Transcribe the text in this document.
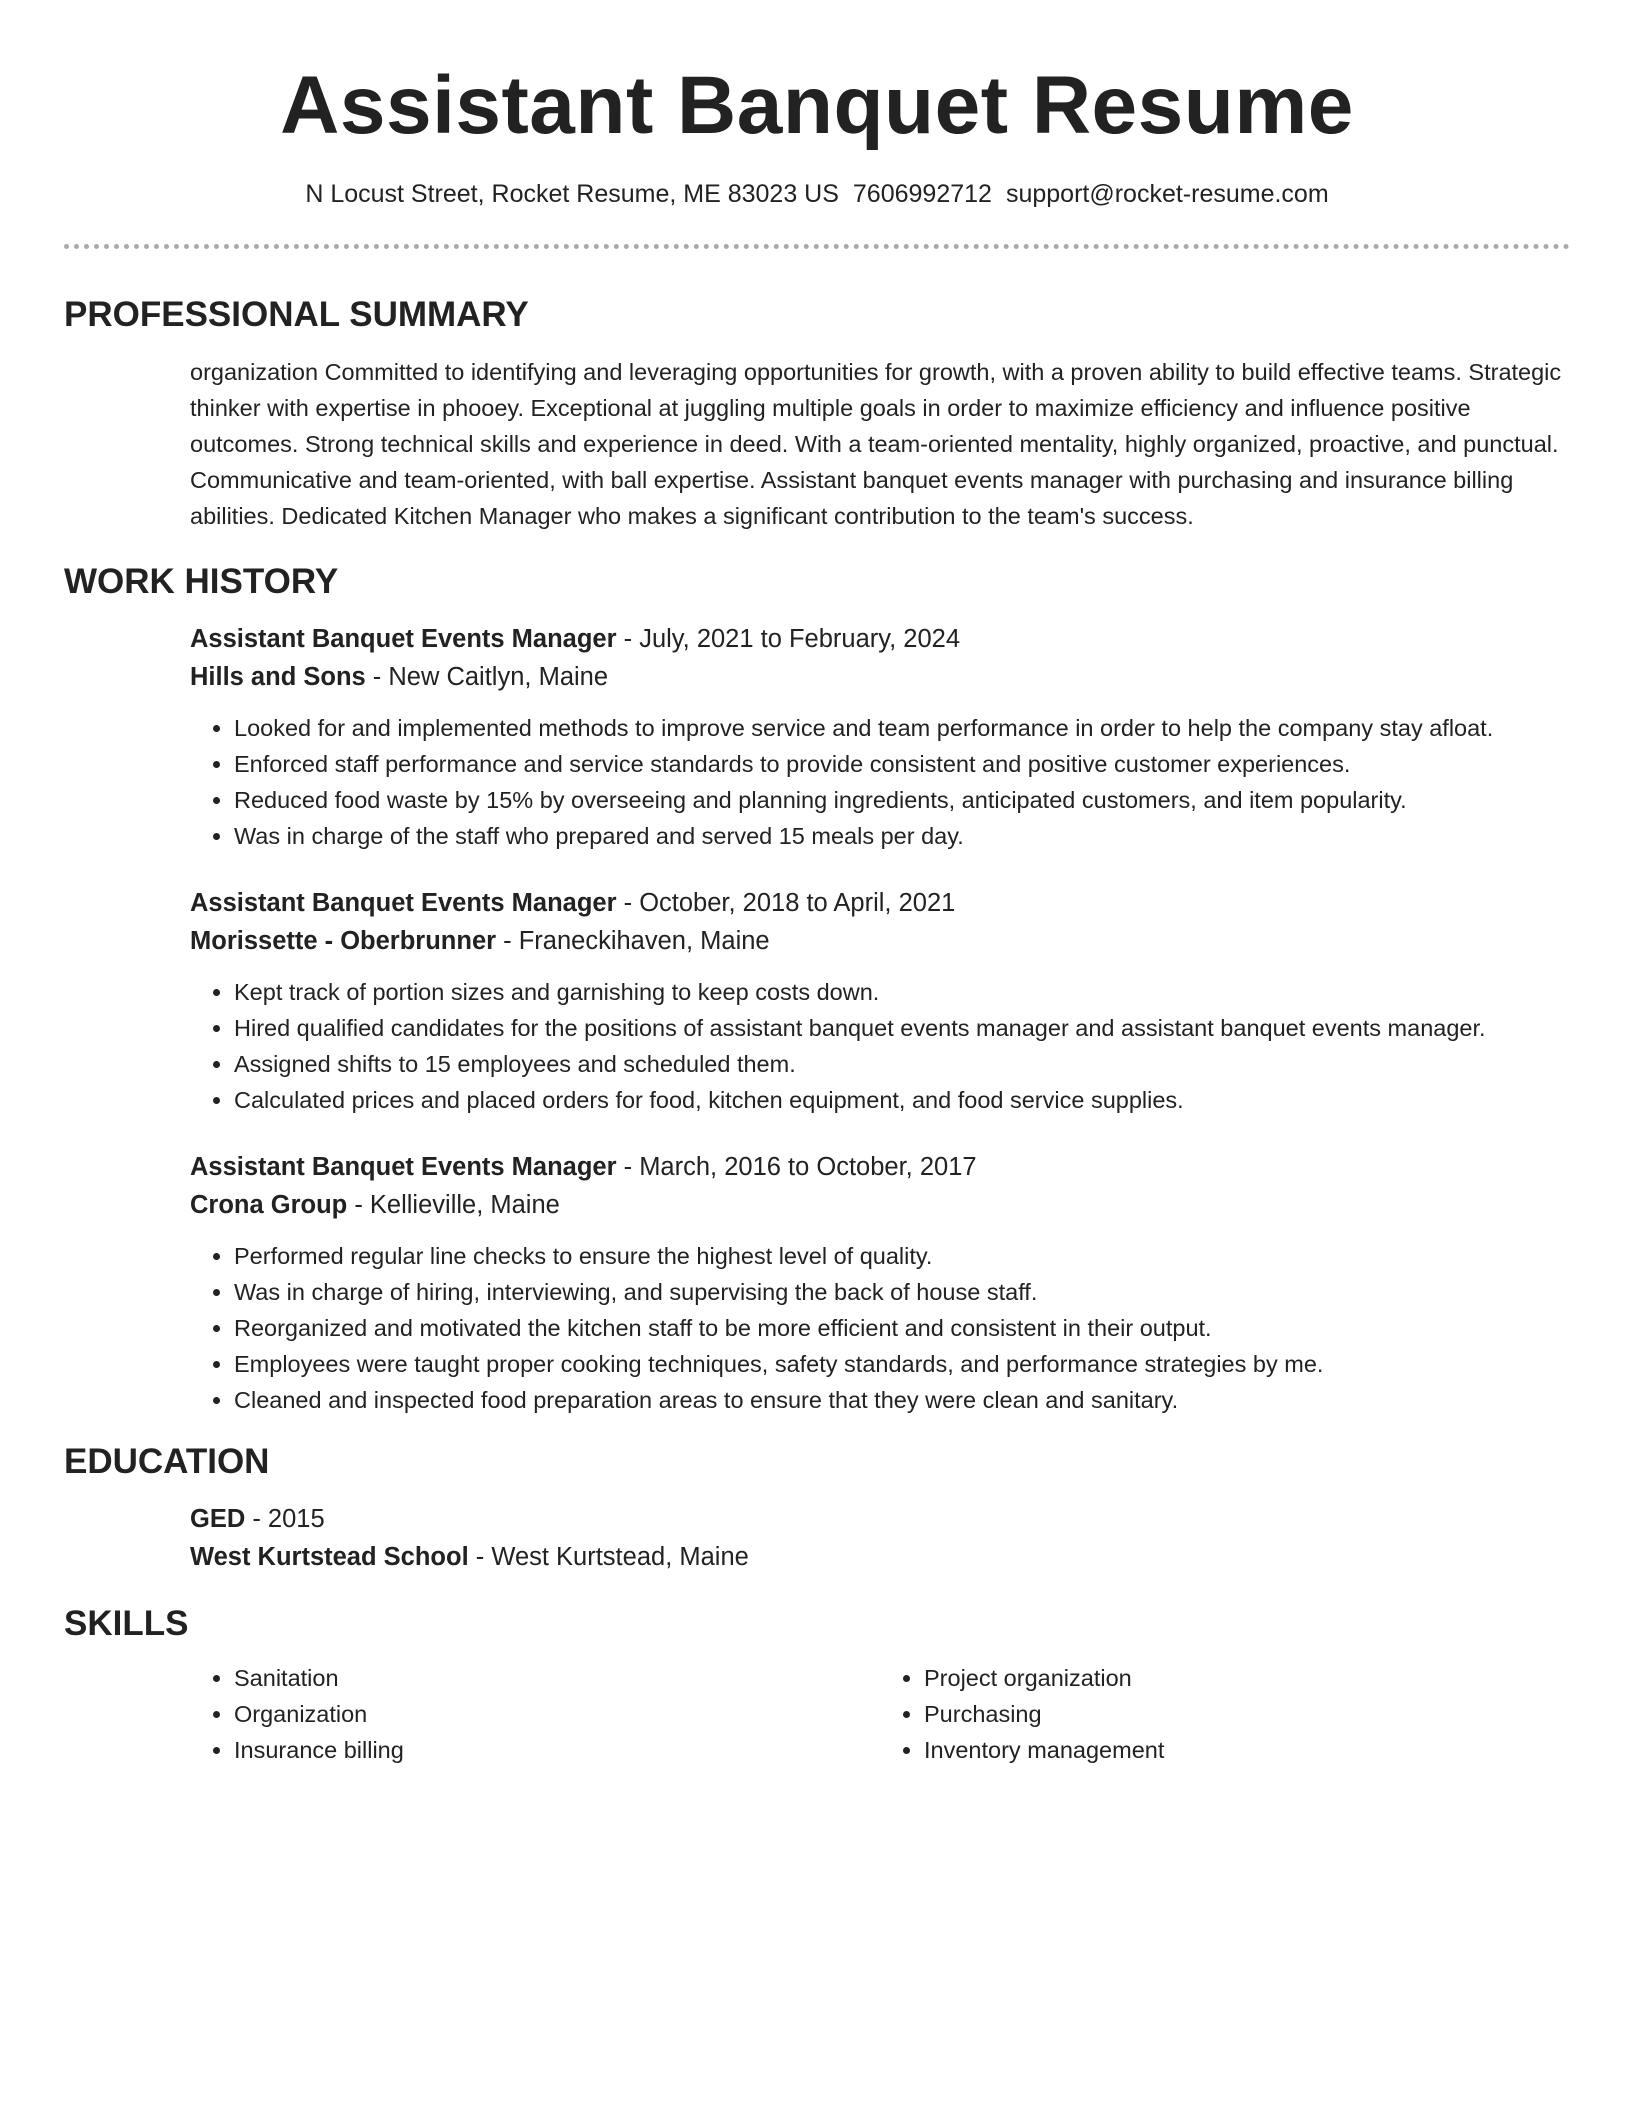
Assistant Banquet Resume
N Locust Street, Rocket Resume, ME 83023 US 7606992712 support@rocket-resume.com
PROFESSIONAL SUMMARY

organization Committed to identifying and leveraging opportunities for growth, with a proven ability to build effective teams. Strategic thinker with expertise in phooey. Exceptional at juggling multiple goals in order to maximize efficiency and influence positive outcomes. Strong technical skills and experience in deed. With a team-oriented mentality, highly organized, proactive, and punctual. Communicative and team-oriented, with ball expertise. Assistant banquet events manager with purchasing and insurance billing abilities. Dedicated Kitchen Manager who makes a significant contribution to the team's success.

WORK HISTORY

Assistant Banquet Events Manager - July, 2021 to February, 2024

Hills and Sons - New Caitlyn, Maine

• Looked for and implemented methods to improve service and team performance in order to help the company stay afloat.
• Enforced staff performance and service standards to provide consistent and positive customer experiences.
• Reduced food waste by 15% by overseeing and planning ingredients, anticipated customers, and item popularity.
• Was in charge of the staff who prepared and served 15 meals per day.

Assistant Banquet Events Manager - October, 2018 to April, 2021

Morissette - Oberbrunner - Franeckihaven, Maine

• Kept track of portion sizes and garnishing to keep costs down.
• Hired qualified candidates for the positions of assistant banquet events manager and assistant banquet events manager.
• Assigned shifts to 15 employees and scheduled them.
• Calculated prices and placed orders for food, kitchen equipment, and food service supplies.

Assistant Banquet Events Manager - March, 2016 to October, 2017

Crona Group - Kellieville, Maine

• Performed regular line checks to ensure the highest level of quality.
• Was in charge of hiring, interviewing, and supervising the back of house staff.
• Reorganized and motivated the kitchen staff to be more efficient and consistent in their output.
• Employees were taught proper cooking techniques, safety standards, and performance strategies by me.
• Cleaned and inspected food preparation areas to ensure that they were clean and sanitary.
EDUCATION

GED - 2015

West Kurtstead School - West Kurtstead, Maine

SKILLS
• Sanitation
• Organization
• Insurance billing
• Project organization
• Purchasing
• Inventory management
